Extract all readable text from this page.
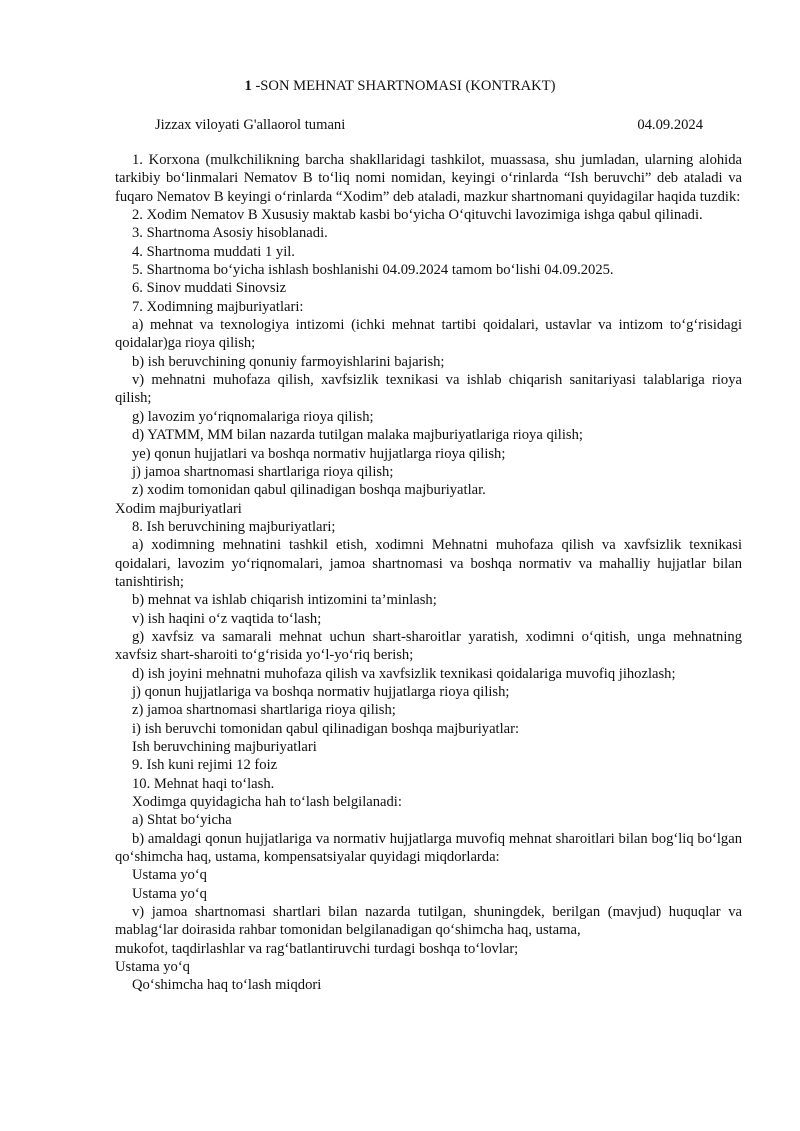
1 -SON MEHNAT SHARTNOMASI (KONTRAKT)
Jizzax viloyati G'allaorol tumani	04.09.2024

1. Korxona (mulkchilikning barcha shakllaridagi tashkilot, muassasa, shu jumladan, ularning alohida tarkibiy bo‘linmalari Nematov B to‘liq nomi nomidan, keyingi o‘rinlarda “Ish beruvchi” deb ataladi va fuqaro Nematov B keyingi o‘rinlarda “Xodim” deb ataladi, mazkur shartnomani quyidagilar haqida tuzdik:

2. Xodim Nematov B Xususiy maktab kasbi bo‘yicha O‘qituvchi lavozimiga ishga qabul qilinadi.

3. Shartnoma Asosiy hisoblanadi.

4. Shartnoma muddati 1 yil.

5. Shartnoma bo‘yicha ishlash boshlanishi 04.09.2024 tamom bo‘lishi 04.09.2025.

6. Sinov muddati Sinovsiz

7. Xodimning majburiyatlari:

a) mehnat va texnologiya intizomi (ichki mehnat tartibi qoidalari, ustavlar va intizom to‘g‘risidagi qoidalar)ga rioya qilish;

b) ish beruvchining qonuniy farmoyishlarini bajarish;

v) mehnatni muhofaza qilish, xavfsizlik texnikasi va ishlab chiqarish sanitariyasi talablariga rioya qilish;

g) lavozim yo‘riqnomalariga rioya qilish;

d) YATMM, MM bilan nazarda tutilgan malaka majburiyatlariga rioya qilish;

ye) qonun hujjatlari va boshqa normativ hujjatlarga rioya qilish;

j) jamoa shartnomasi shartlariga rioya qilish;

z) xodim tomonidan qabul qilinadigan boshqa majburiyatlar.

Xodim majburiyatlari

8. Ish beruvchining majburiyatlari;

a) xodimning mehnatini tashkil etish, xodimni Mehnatni muhofaza qilish va xavfsizlik texnikasi qoidalari, lavozim yo‘riqnomalari, jamoa shartnomasi va boshqa normativ va mahalliy hujjatlar bilan tanishtirish;

b) mehnat va ishlab chiqarish intizomini ta’minlash;

v) ish haqini o‘z vaqtida to‘lash;

g) xavfsiz va samarali mehnat uchun shart-sharoitlar yaratish, xodimni o‘qitish, unga mehnatning xavfsiz shart-sharoiti to‘g‘risida yo‘l-yo‘riq berish;

d) ish joyini mehnatni muhofaza qilish va xavfsizlik texnikasi qoidalariga muvofiq jihozlash;

j) qonun hujjatlariga va boshqa normativ hujjatlarga rioya qilish;

z) jamoa shartnomasi shartlariga rioya qilish;

i) ish beruvchi tomonidan qabul qilinadigan boshqa majburiyatlar:

Ish beruvchining majburiyatlari

9. Ish kuni rejimi 12 foiz

10. Mehnat haqi to‘lash.

Xodimga quyidagicha hah to‘lash belgilanadi:

a) Shtat bo‘yicha

b) amaldagi qonun hujjatlariga va normativ hujjatlarga muvofiq mehnat sharoitlari bilan bog‘liq bo‘lgan qo‘shimcha haq, ustama, kompensatsiyalar quyidagi miqdorlarda:

Ustama yo‘q

Ustama yo‘q

v) jamoa shartnomasi shartlari bilan nazarda tutilgan, shuningdek, berilgan (mavjud) huquqlar va mablag‘lar doirasida rahbar tomonidan belgilanadigan qo‘shimcha haq, ustama,

mukofot, taqdirlashlar va rag‘batlantiruvchi turdagi boshqa to‘lovlar;

Ustama yo‘q

Qo‘shimcha haq to‘lash miqdori
